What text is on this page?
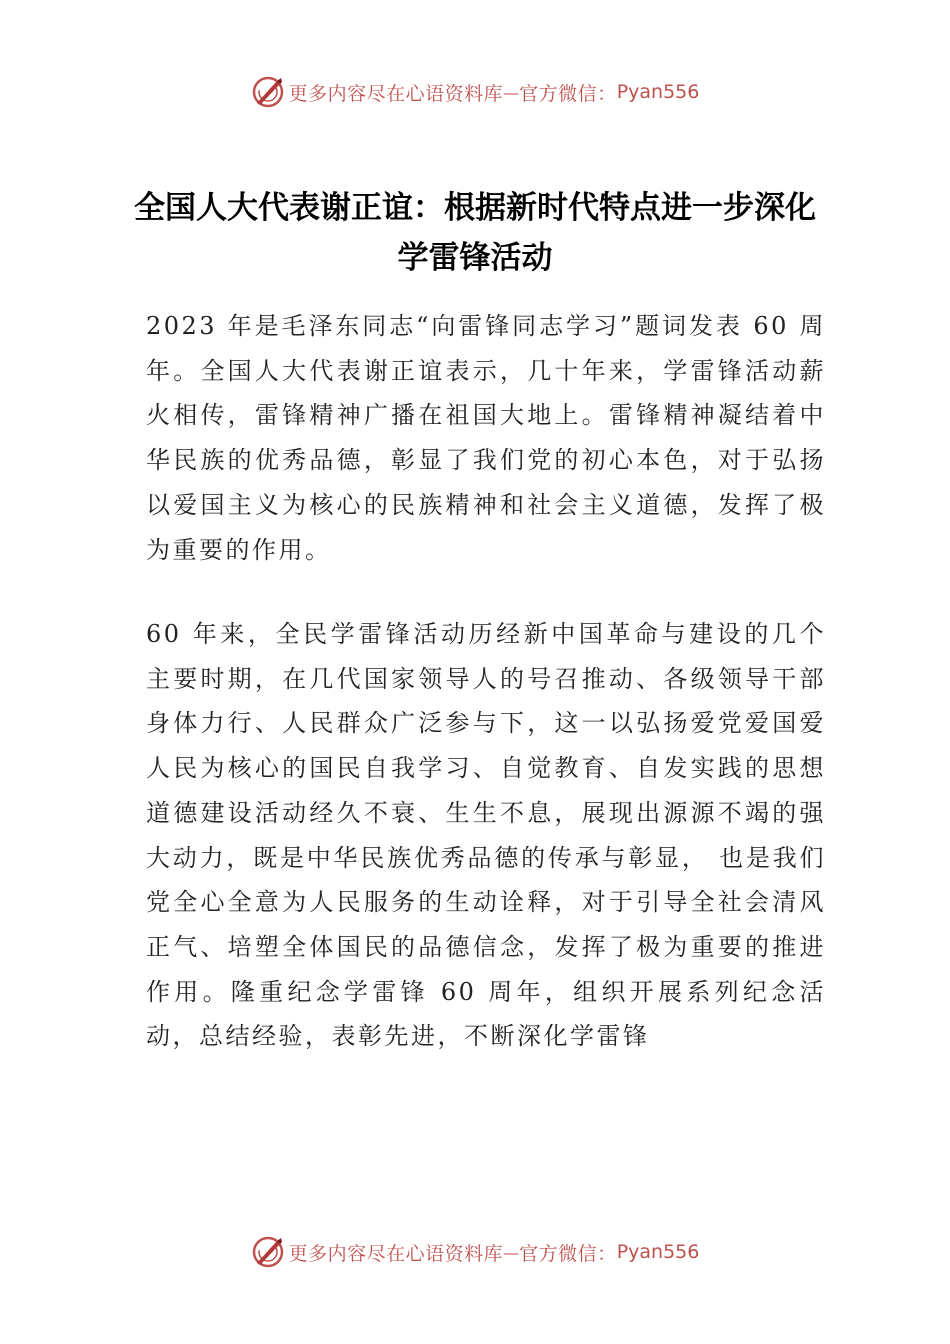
更多内容尽在心语资料库 — 官方微信： Pyan556
全国人大代表谢正谊：根据新时代特点进一步深化学雷锋活动

2023 年是毛泽东同志“向雷锋同志学习”题词发表 60 周年。全国人大代表谢正谊表示，几十年来，学雷锋活动薪火相传，雷锋精神广播在祖国大地上。雷锋精神凝结着中华民族的优秀品德，彰显了我们党的初心本色，对于弘扬以爱国主义为核心的民族精神和社会主义道德，发挥了极为重要的作用。

60 年来，全民学雷锋活动历经新中国革命与建设的几个主要时期，在几代国家领导人的号召推动、各级领导干部身体力行、人民群众广泛参与下，这一以弘扬爱党爱国爱人民为核心的国民自我学习、自觉教育、自发实践的思想道德建设活动经久不衰、生生不息，展现出源源不竭的强大动力，既是中华民族优秀品德的传承与彰显， 也是我们党全心全意为人民服务的生动诠释，对于引导全社会清风正气、培塑全体国民的品德信念，发挥了极为重要的推进作用。隆重纪念学雷锋 60 周年，组织开展系列纪念活动，总结经验，表彰先进，不断深化学雷锋

更多内容尽在心语资料库 — 官方微信： Pyan556
